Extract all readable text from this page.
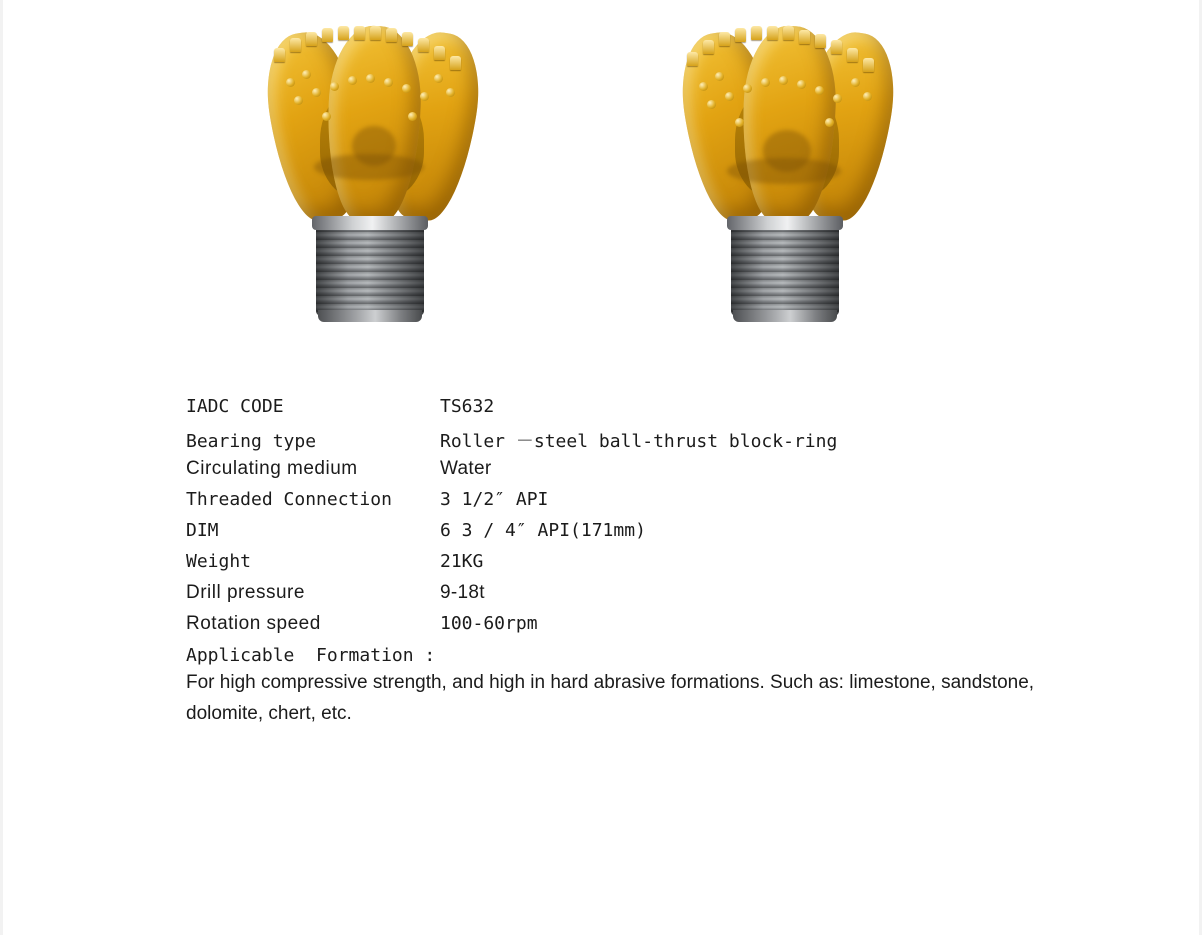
IADC CODE	TS632
Bearing type	Roller －steel ball-thrust block-ring
Circulating medium	Water
Threaded Connection	3 1/2″ API
DIM	6 3 / 4″ API(171mm)
Weight	21KG
Drill pressure	9-18t
Rotation speed	100-60rpm
Applicable  Formation :
For high compressive strength, and high in hard abrasive formations. Such as: limestone, sandstone, dolomite, chert, etc.
